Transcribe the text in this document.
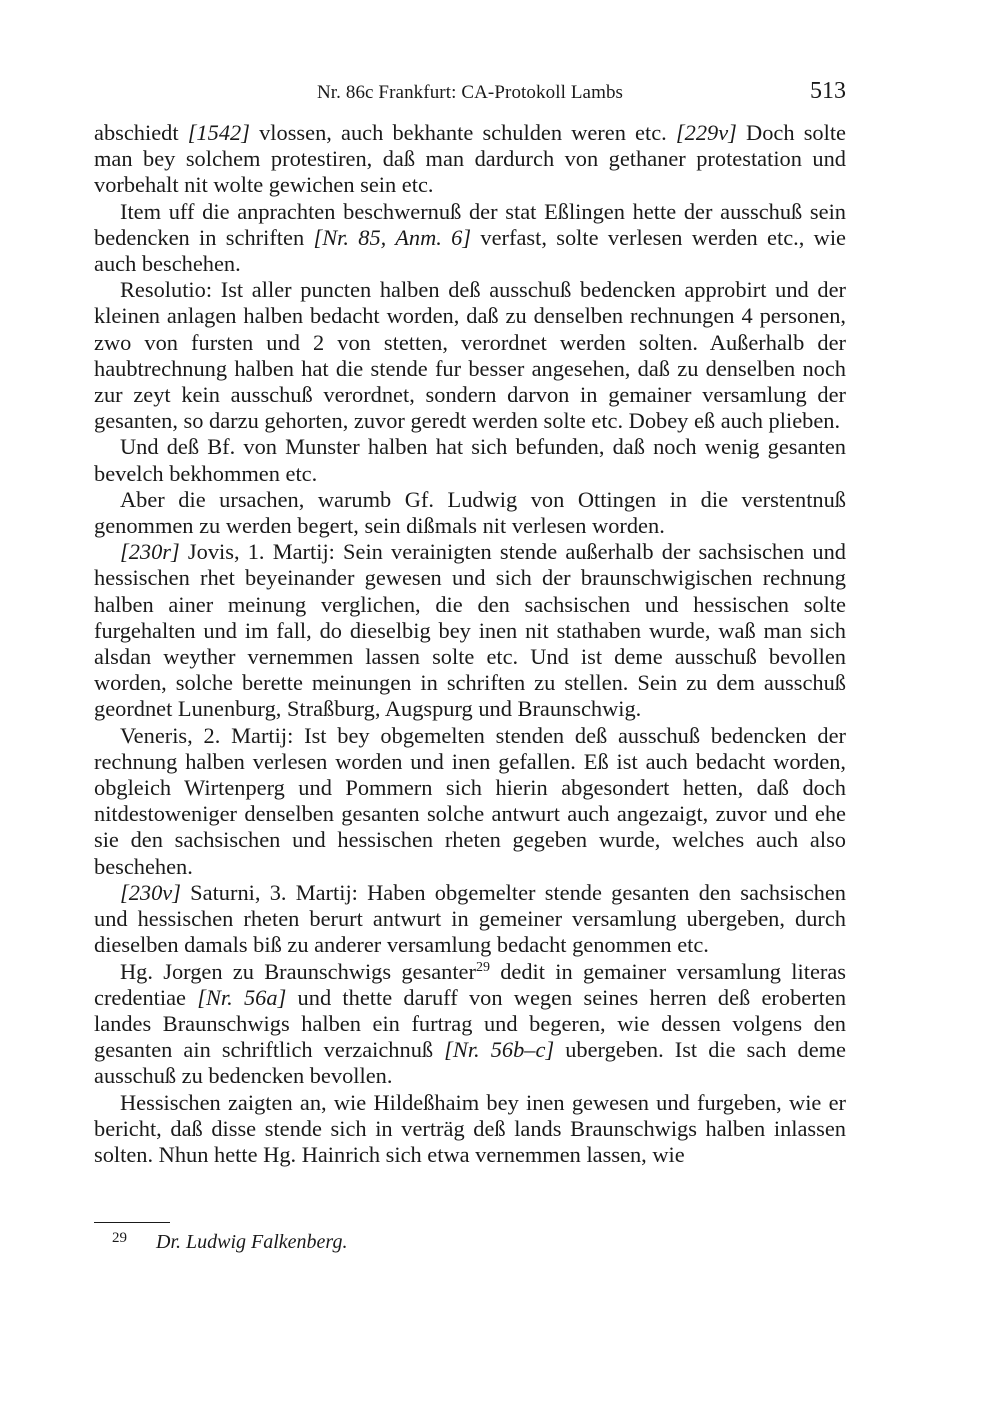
Nr. 86c Frankfurt: CA-Protokoll Lambs	513

abschiedt [1542] vlossen, auch bekhante schulden weren etc. [229v] Doch solte man bey solchem protestiren, daß man dardurch von gethaner protestation und vorbehalt nit wolte gewichen sein etc.

Item uff die anprachten beschwernuß der stat Eßlingen hette der ausschuß sein bedencken in schriften [Nr. 85, Anm. 6] verfast, solte verlesen werden etc., wie auch beschehen.

Resolutio: Ist aller puncten halben deß ausschuß bedencken approbirt und der kleinen anlagen halben bedacht worden, daß zu denselben rechnungen 4 personen, zwo von fursten und 2 von stetten, verordnet werden solten. Außerhalb der haubtrechnung halben hat die stende fur besser angesehen, daß zu denselben noch zur zeyt kein ausschuß verordnet, sondern darvon in gemainer versamlung der gesanten, so darzu gehorten, zuvor geredt werden solte etc. Dobey eß auch plieben.

Und deß Bf. von Munster halben hat sich befunden, daß noch wenig gesanten bevelch bekhommen etc.

Aber die ursachen, warumb Gf. Ludwig von Ottingen in die verstentnuß genommen zu werden begert, sein dißmals nit verlesen worden.

[230r] Jovis, 1. Martij: Sein verainigten stende außerhalb der sachsischen und hessischen rhet beyeinander gewesen und sich der braunschwigischen rechnung halben ainer meinung verglichen, die den sachsischen und hessischen solte furgehalten und im fall, do dieselbig bey inen nit stathaben wurde, waß man sich alsdan weyther vernemmen lassen solte etc. Und ist deme ausschuß bevollen worden, solche berette meinungen in schriften zu stellen. Sein zu dem ausschuß geordnet Lunenburg, Straßburg, Augspurg und Braunschwig.

Veneris, 2. Martij: Ist bey obgemelten stenden deß ausschuß bedencken der rechnung halben verlesen worden und inen gefallen. Eß ist auch bedacht worden, obgleich Wirtenperg und Pommern sich hierin abgesondert hetten, daß doch nitdestoweniger denselben gesanten solche antwurt auch angezaigt, zuvor und ehe sie den sachsischen und hessischen rheten gegeben wurde, welches auch also beschehen.

[230v] Saturni, 3. Martij: Haben obgemelter stende gesanten den sachsischen und hessischen rheten berurt antwurt in gemeiner versamlung ubergeben, durch dieselben damals biß zu anderer versamlung bedacht genommen etc.

Hg. Jorgen zu Braunschwigs gesanter$^{29}$ dedit in gemainer versamlung literas credentiae [Nr. 56a] und thette daruff von wegen seines herren deß eroberten landes Braunschwigs halben ein furtrag und begeren, wie dessen volgens den gesanten ain schriftlich verzaichnuß [Nr. 56b–c] ubergeben. Ist die sach deme ausschuß zu bedencken bevollen.

Hessischen zaigten an, wie Hildeßhaim bey inen gewesen und furgeben, wie er bericht, daß disse stende sich in verträg deß lands Braunschwigs halben inlassen solten. Nhun hette Hg. Hainrich sich etwa vernemmen lassen, wie

29 Dr. Ludwig Falkenberg.
